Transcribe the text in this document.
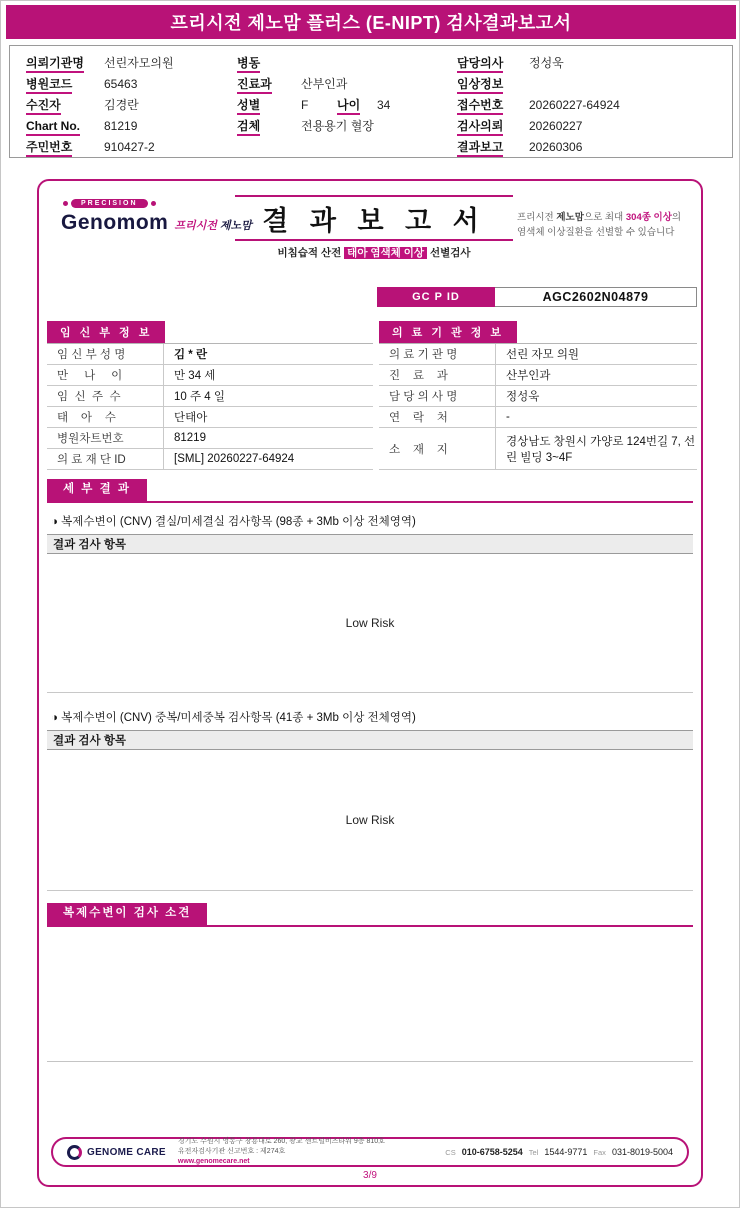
프리시전 제노맘 플러스 (E-NIPT) 검사결과보고서
의뢰기관명	선린자모의원
병원코드	65463
수진자	김경란
Chart No.	81219
주민번호	910427-2
병동
진료과	산부인과
성별	F	나이	34
검체	전용용기 혈장
담당의사	정성욱
임상정보
접수번호	20260227-64924
검사의뢰	20260227
결과보고	20260306
PRECISION
Genomom 프리시전 제노맘 결 과 보 고 서
비침습적 산전 태아 염색체 이상 선별검사
프리시전 제노맘으로 최대 304종 이상의
염색체 이상질환을 선별할 수 있습니다
GC P ID	AGC2602N04879
임 신 부 정 보
임 신 부 성 명	김 * 란
만     나     이	만 34 세
임  신  주  수	10 주 4 일
태    아    수	단태아
병원차트번호	81219
의 료 재 단 ID	[SML] 20260227-64924
의 료 기 관 정 보
의 료 기 관 명	선린 자모 의원
진    료    과	산부인과
담 당 의 사 명	정성욱
연    락    처	-
소    재    지
경상남도 창원시 가양로 124번길 7, 선린 빌딩 3~4F
세 부 결 과
◑ 복제수변이 (CNV) 결실/미세결실 검사항목 (98종 + 3Mb 이상 전체영역)
결과 검사 항목
Low Risk
◑ 복제수변이 (CNV) 중복/미세중복 검사항목 (41종 + 3Mb 이상 전체영역)
결과 검사 항목
Low Risk
복제수변이 검사 소견
GENOME CARE
경기도 수원시 영통구 창룡대로 260, 광교 센트럴비즈타워 9층 810호
유전자검사기관 신고번호 : 제274호
www.genomecare.net
CS 010-6758-5254 Tel 1544-9771 Fax 031-8019-5004
3/9
